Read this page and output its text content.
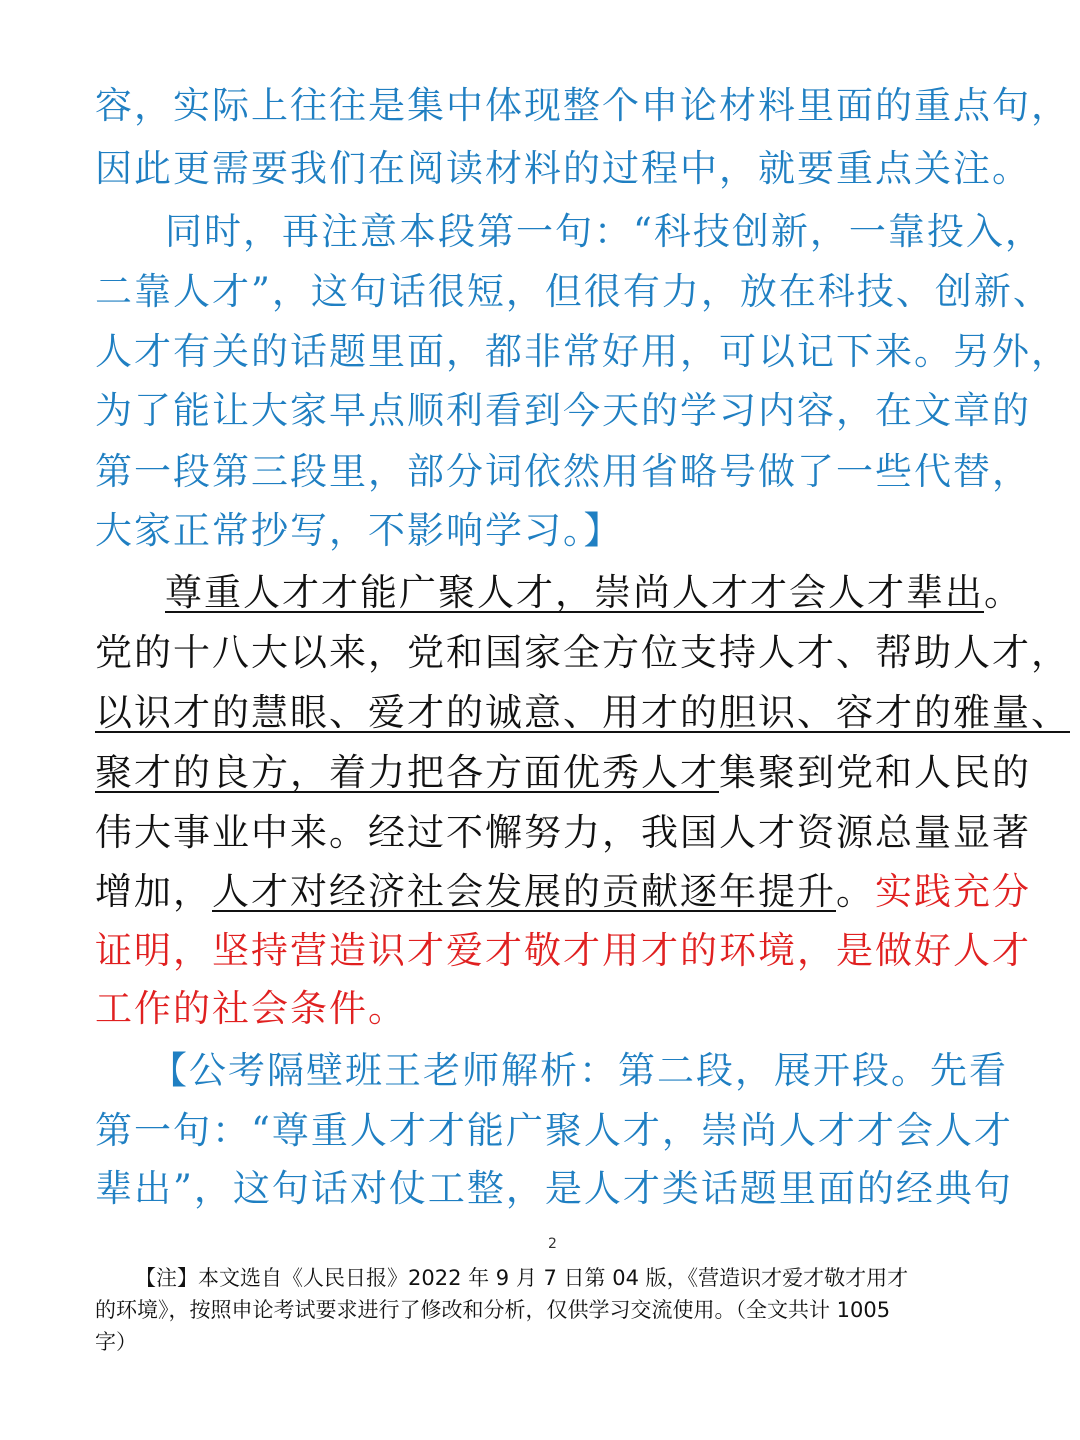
容，实际上往往是集中体现整个申论材料里面的重点句，
因此更需要我们在阅读材料的过程中，就要重点关注。
同时，再注意本段第一句：“科技创新，一靠投入，
二靠人才”，这句话很短，但很有力，放在科技、创新、
人才有关的话题里面，都非常好用，可以记下来。另外，
为了能让大家早点顺利看到今天的学习内容，在文章的
第一段第三段里，部分词依然用省略号做了一些代替，
大家正常抄写，不影响学习。】
尊重人才才能广聚人才，崇尚人才才会人才辈出。
党的十八大以来，党和国家全方位支持人才、帮助人才，
以识才的慧眼、爱才的诚意、用才的胆识、容才的雅量、
聚才的良方，着力把各方面优秀人才集聚到党和人民的
伟大事业中来。经过不懈努力，我国人才资源总量显著
增加，人才对经济社会发展的贡献逐年提升。实践充分
证明，坚持营造识才爱才敬才用才的环境，是做好人才
工作的社会条件。
【公考隔壁班王老师解析：第二段，展开段。先看
第一句：“尊重人才才能广聚人才，崇尚人才才会人才
辈出”，这句话对仗工整，是人才类话题里面的经典句
2
【注】本文选自《人民日报》2022 年 9 月 7 日第 04 版，《营造识才爱才敬才用才
的环境》，按照申论考试要求进行了修改和分析，仅供学习交流使用。（全文共计 1005
字）
